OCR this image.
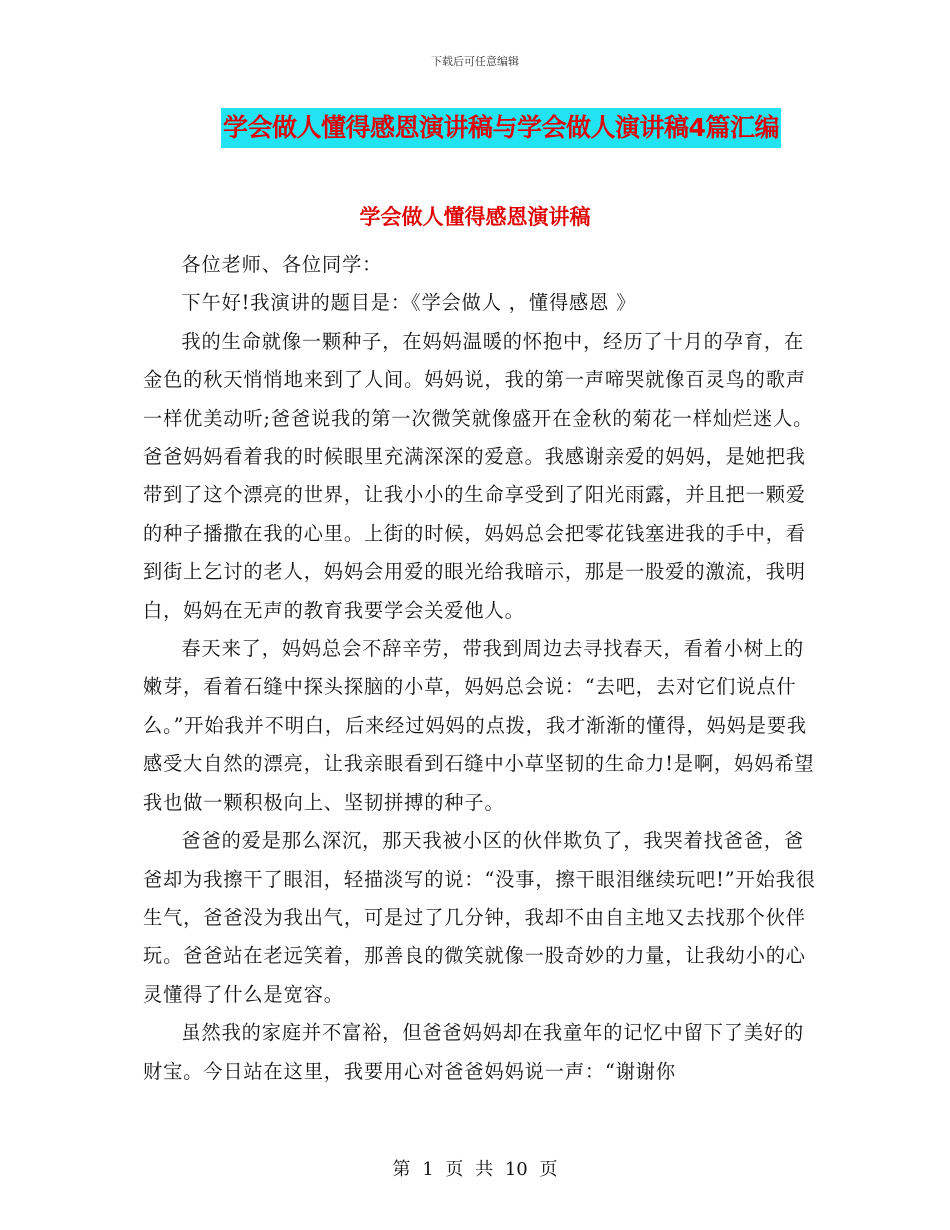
下载后可任意编辑
学会做人懂得感恩演讲稿与学会做人演讲稿4篇汇编
学会做人懂得感恩演讲稿

各位老师、各位同学：

下午好!我演讲的题目是：《学会做人 ，懂得感恩 》

我的生命就像一颗种子，在妈妈温暖的怀抱中，经历了十月的孕育，在金色的秋天悄悄地来到了人间。妈妈说，我的第一声啼哭就像百灵鸟的歌声一样优美动听;爸爸说我的第一次微笑就像盛开在金秋的菊花一样灿烂迷人。爸爸妈妈看着我的时候眼里充满深深的爱意。我感谢亲爱的妈妈，是她把我带到了这个漂亮的世界，让我小小的生命享受到了阳光雨露，并且把一颗爱的种子播撒在我的心里。上街的时候，妈妈总会把零花钱塞进我的手中，看到街上乞讨的老人，妈妈会用爱的眼光给我暗示，那是一股爱的激流，我明白，妈妈在无声的教育我要学会关爱他人。

春天来了，妈妈总会不辞辛劳，带我到周边去寻找春天，看着小树上的嫩芽，看着石缝中探头探脑的小草，妈妈总会说：“去吧，去对它们说点什么。”开始我并不明白，后来经过妈妈的点拨，我才渐渐的懂得，妈妈是要我感受大自然的漂亮，让我亲眼看到石缝中小草坚韧的生命力!是啊，妈妈希望我也做一颗积极向上、坚韧拼搏的种子。

爸爸的爱是那么深沉，那天我被小区的伙伴欺负了，我哭着找爸爸，爸爸却为我擦干了眼泪，轻描淡写的说：“没事，擦干眼泪继续玩吧!”开始我很生气，爸爸没为我出气，可是过了几分钟，我却不由自主地又去找那个伙伴玩。爸爸站在老远笑着，那善良的微笑就像一股奇妙的力量，让我幼小的心灵懂得了什么是宽容。

虽然我的家庭并不富裕，但爸爸妈妈却在我童年的记忆中留下了美好的财宝。今日站在这里，我要用心对爸爸妈妈说一声：“谢谢你

第 1 页 共 10 页
